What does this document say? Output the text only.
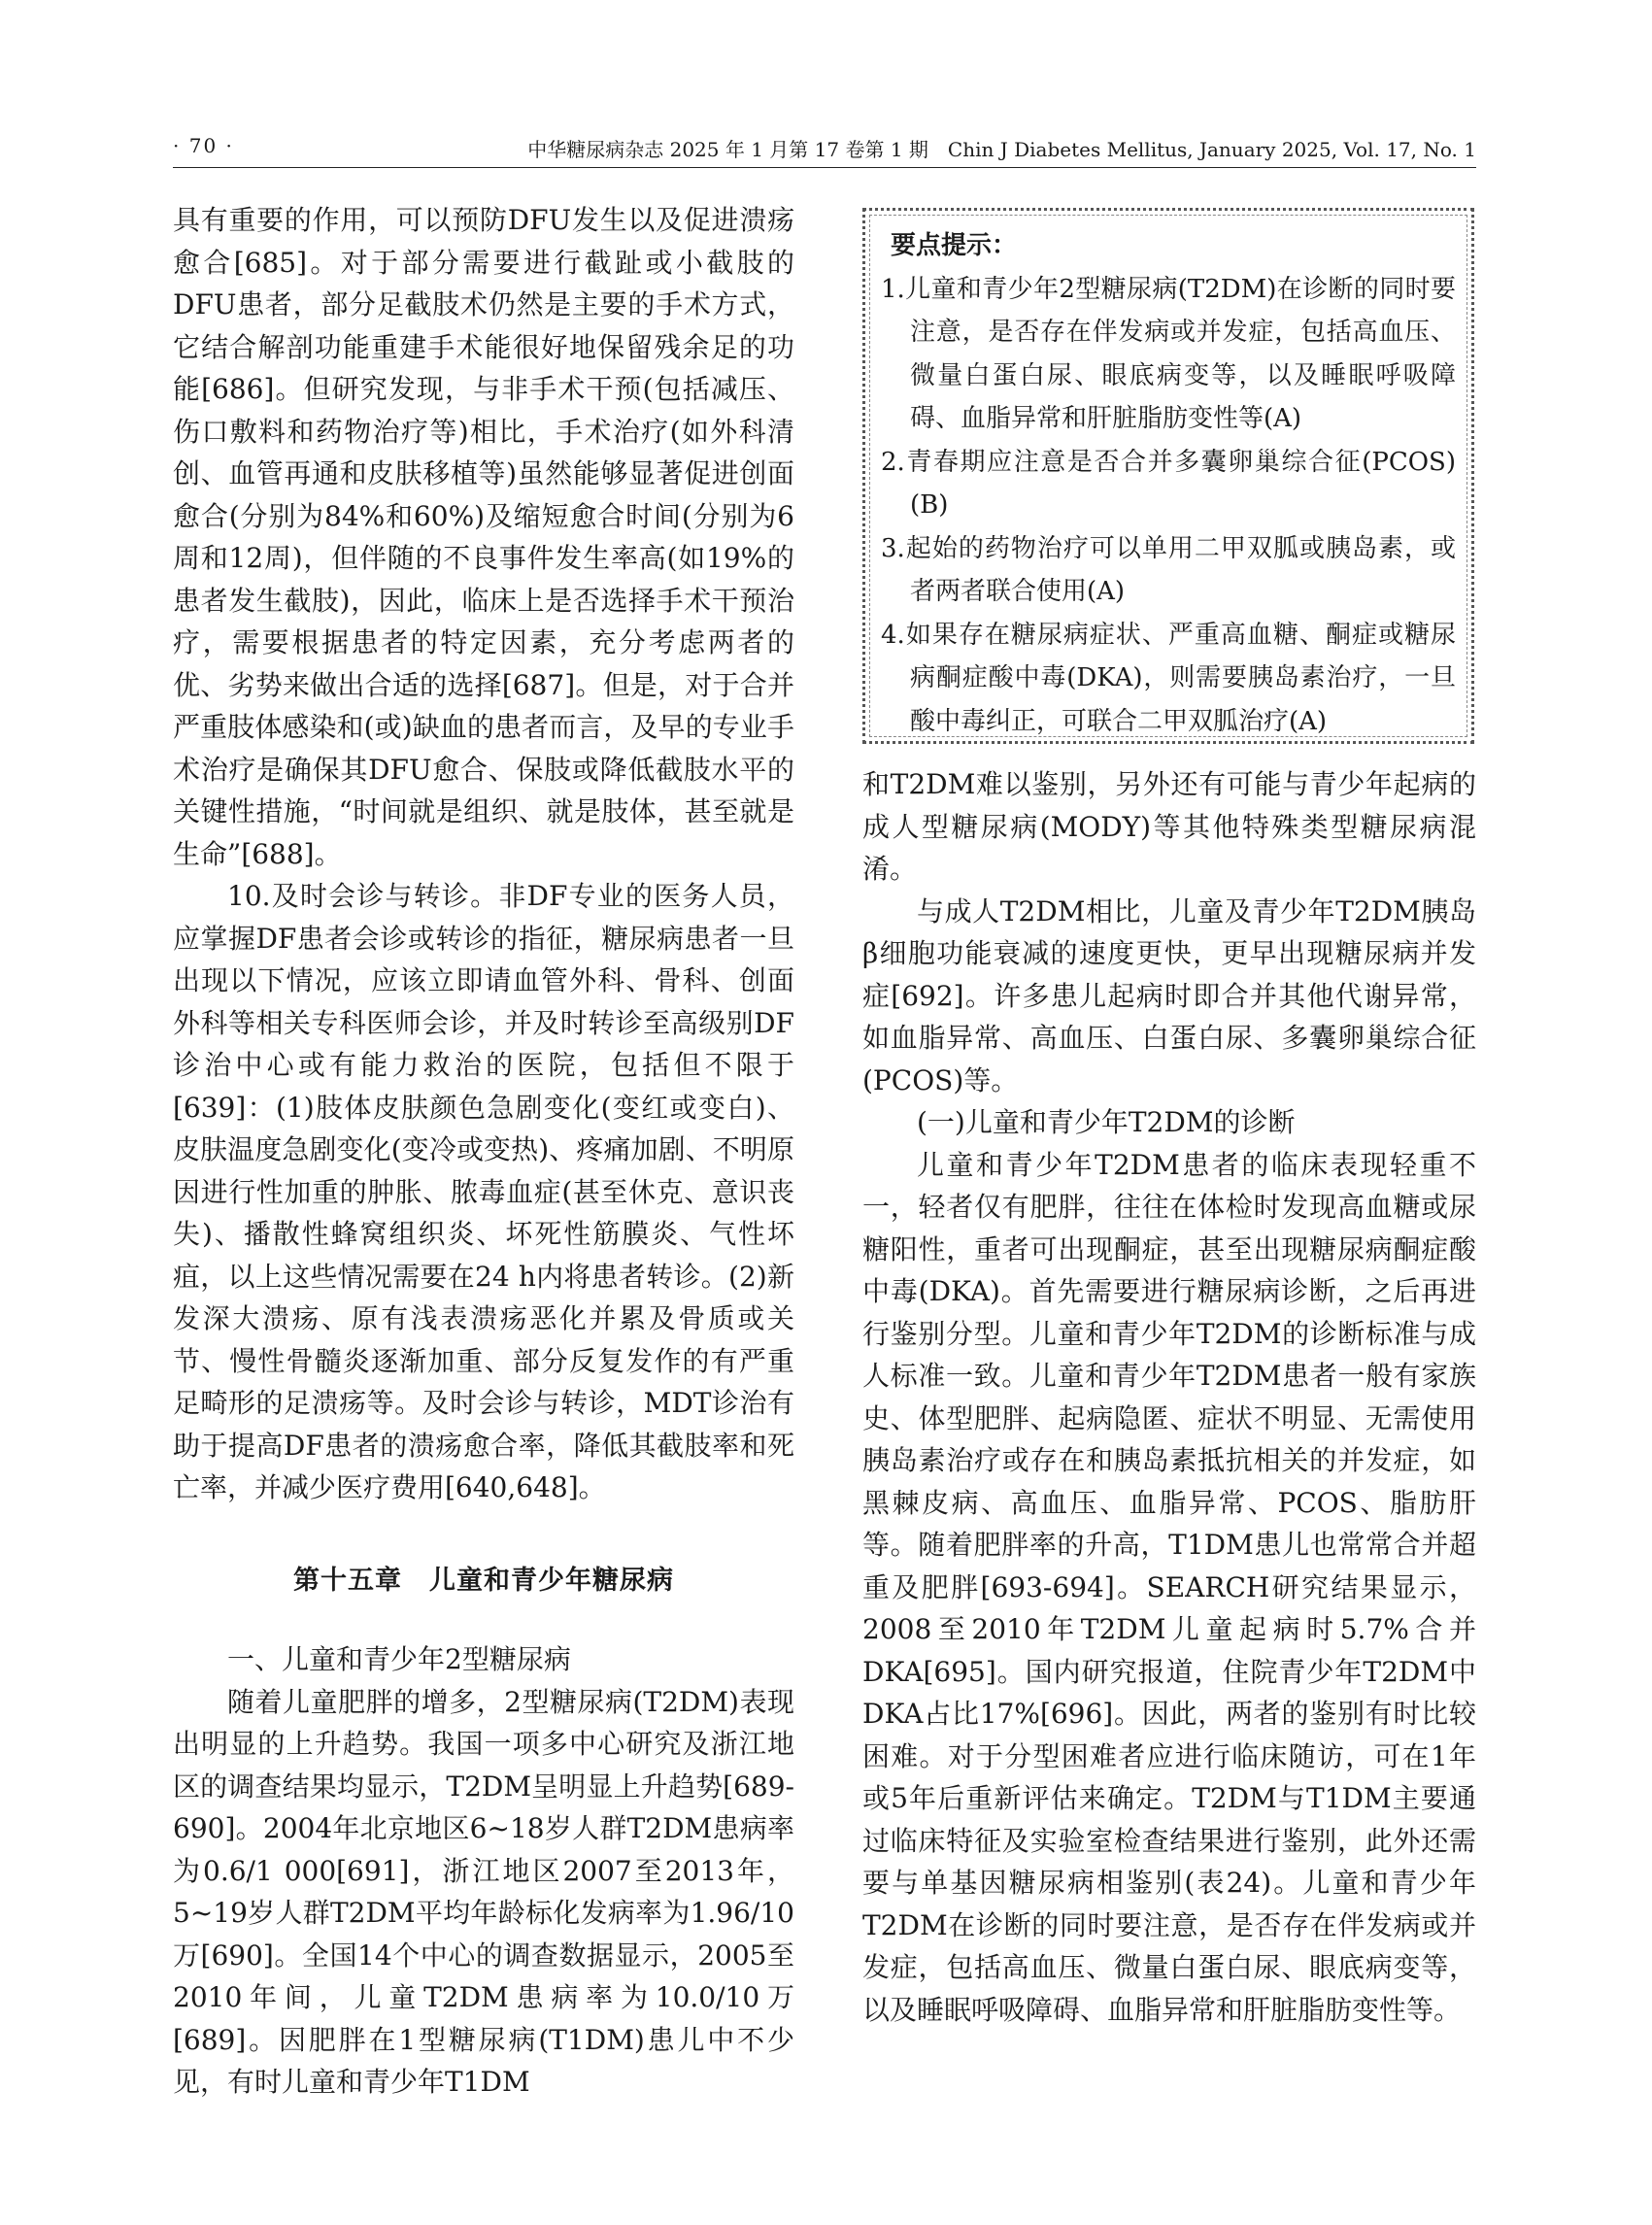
· 70 ·	中华糖尿病杂志 2025 年 1 月第 17 卷第 1 期　Chin J Diabetes Mellitus, January 2025, Vol. 17, No. 1

具有重要的作用，可以预防DFU发生以及促进溃疡愈合[685]。对于部分需要进行截趾或小截肢的DFU患者，部分足截肢术仍然是主要的手术方式，它结合解剖功能重建手术能很好地保留残余足的功能[686]。但研究发现，与非手术干预(包括减压、伤口敷料和药物治疗等)相比，手术治疗(如外科清创、血管再通和皮肤移植等)虽然能够显著促进创面愈合(分别为84%和60%)及缩短愈合时间(分别为6周和12周)，但伴随的不良事件发生率高(如19%的患者发生截肢)，因此，临床上是否选择手术干预治疗，需要根据患者的特定因素，充分考虑两者的优、劣势来做出合适的选择[687]。但是，对于合并严重肢体感染和(或)缺血的患者而言，及早的专业手术治疗是确保其DFU愈合、保肢或降低截肢水平的关键性措施，“时间就是组织、就是肢体，甚至就是生命”[688]。

10.及时会诊与转诊。非DF专业的医务人员，应掌握DF患者会诊或转诊的指征，糖尿病患者一旦出现以下情况，应该立即请血管外科、骨科、创面外科等相关专科医师会诊，并及时转诊至高级别DF诊治中心或有能力救治的医院，包括但不限于[639]：(1)肢体皮肤颜色急剧变化(变红或变白)、皮肤温度急剧变化(变冷或变热)、疼痛加剧、不明原因进行性加重的肿胀、脓毒血症(甚至休克、意识丧失)、播散性蜂窝组织炎、坏死性筋膜炎、气性坏疽，以上这些情况需要在24 h内将患者转诊。(2)新发深大溃疡、原有浅表溃疡恶化并累及骨质或关节、慢性骨髓炎逐渐加重、部分反复发作的有严重足畸形的足溃疡等。及时会诊与转诊，MDT诊治有助于提高DF患者的溃疡愈合率，降低其截肢率和死亡率，并减少医疗费用[640,648]。

第十五章　儿童和青少年糖尿病

一、儿童和青少年2型糖尿病

随着儿童肥胖的增多，2型糖尿病(T2DM)表现出明显的上升趋势。我国一项多中心研究及浙江地区的调查结果均显示，T2DM呈明显上升趋势[689-690]。2004年北京地区6~18岁人群T2DM患病率为0.6/1 000[691]，浙江地区2007至2013年，5~19岁人群T2DM平均年龄标化发病率为1.96/10万[690]。全国14个中心的调查数据显示，2005至2010年间，儿童T2DM患病率为10.0/10万[689]。因肥胖在1型糖尿病(T1DM)患儿中不少见，有时儿童和青少年T1DM

要点提示：
1.儿童和青少年2型糖尿病(T2DM)在诊断的同时要注意，是否存在伴发病或并发症，包括高血压、微量白蛋白尿、眼底病变等，以及睡眠呼吸障碍、血脂异常和肝脏脂肪变性等(A)
2.青春期应注意是否合并多囊卵巢综合征(PCOS)(B)
3.起始的药物治疗可以单用二甲双胍或胰岛素，或者两者联合使用(A)
4.如果存在糖尿病症状、严重高血糖、酮症或糖尿病酮症酸中毒(DKA)，则需要胰岛素治疗，一旦酸中毒纠正，可联合二甲双胍治疗(A)

和T2DM难以鉴别，另外还有可能与青少年起病的成人型糖尿病(MODY)等其他特殊类型糖尿病混淆。

与成人T2DM相比，儿童及青少年T2DM胰岛β细胞功能衰减的速度更快，更早出现糖尿病并发症[692]。许多患儿起病时即合并其他代谢异常，如血脂异常、高血压、白蛋白尿、多囊卵巢综合征(PCOS)等。

(一)儿童和青少年T2DM的诊断

儿童和青少年T2DM患者的临床表现轻重不一，轻者仅有肥胖，往往在体检时发现高血糖或尿糖阳性，重者可出现酮症，甚至出现糖尿病酮症酸中毒(DKA)。首先需要进行糖尿病诊断，之后再进行鉴别分型。儿童和青少年T2DM的诊断标准与成人标准一致。儿童和青少年T2DM患者一般有家族史、体型肥胖、起病隐匿、症状不明显、无需使用胰岛素治疗或存在和胰岛素抵抗相关的并发症，如黑棘皮病、高血压、血脂异常、PCOS、脂肪肝等。随着肥胖率的升高，T1DM患儿也常常合并超重及肥胖[693-694]。SEARCH研究结果显示，2008至2010年T2DM儿童起病时5.7%合并DKA[695]。国内研究报道，住院青少年T2DM中DKA占比17%[696]。因此，两者的鉴别有时比较困难。对于分型困难者应进行临床随访，可在1年或5年后重新评估来确定。T2DM与T1DM主要通过临床特征及实验室检查结果进行鉴别，此外还需要与单基因糖尿病相鉴别(表24)。儿童和青少年T2DM在诊断的同时要注意，是否存在伴发病或并发症，包括高血压、微量白蛋白尿、眼底病变等，以及睡眠呼吸障碍、血脂异常和肝脏脂肪变性等。
